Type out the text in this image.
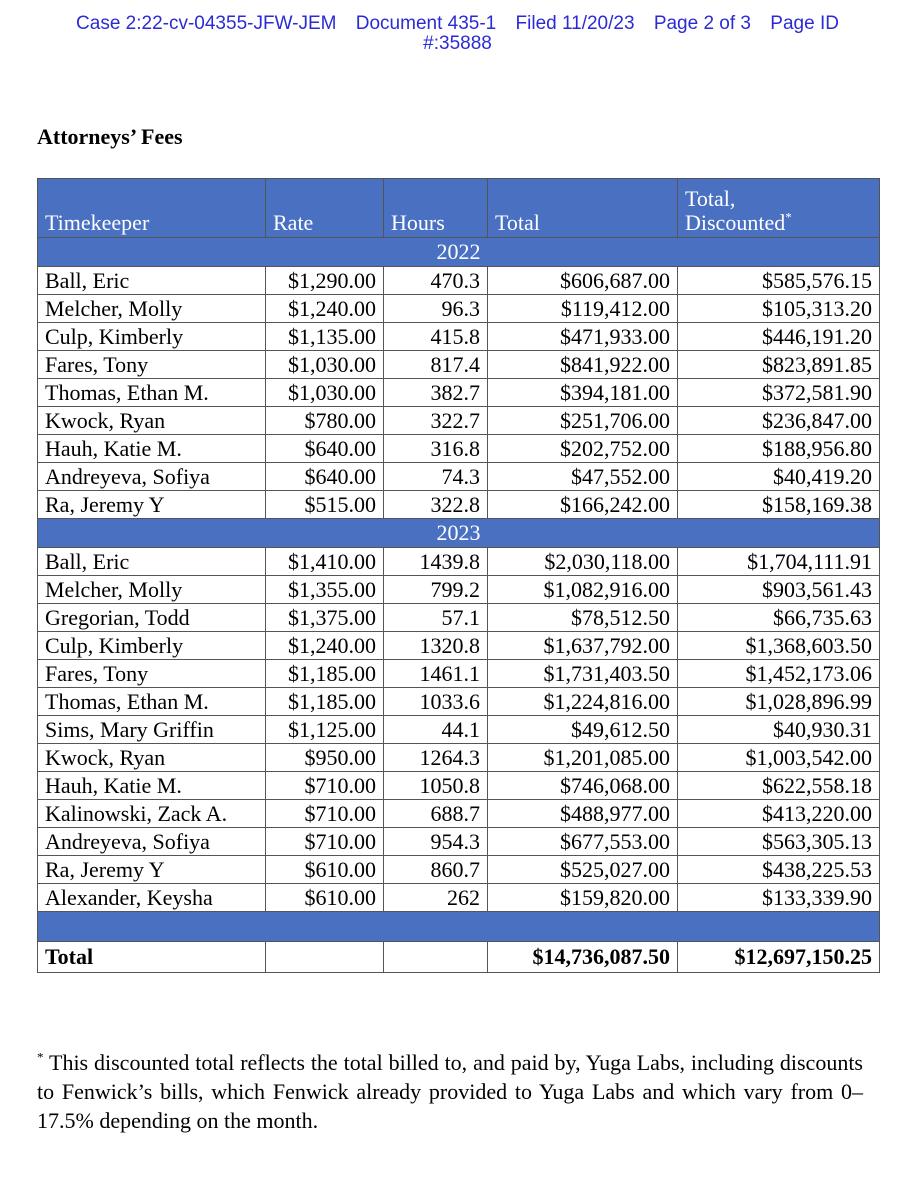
Case 2:22-cv-04355-JFW-JEM Document 435-1 Filed 11/20/23 Page 2 of 3 Page ID
#:35888
Attorneys’ Fees
Timekeeper	Rate	Hours	Total	Total,
Discounted*
2022				
Ball, Eric	$1,290.00	470.3	$606,687.00	$585,576.15
Melcher, Molly	$1,240.00	96.3	$119,412.00	$105,313.20
Culp, Kimberly	$1,135.00	415.8	$471,933.00	$446,191.20
Fares, Tony	$1,030.00	817.4	$841,922.00	$823,891.85
Thomas, Ethan M.	$1,030.00	382.7	$394,181.00	$372,581.90
Kwock, Ryan	$780.00	322.7	$251,706.00	$236,847.00
Hauh, Katie M.	$640.00	316.8	$202,752.00	$188,956.80
Andreyeva, Sofiya	$640.00	74.3	$47,552.00	$40,419.20
Ra, Jeremy Y	$515.00	322.8	$166,242.00	$158,169.38
2023				
Ball, Eric	$1,410.00	1439.8	$2,030,118.00	$1,704,111.91
Melcher, Molly	$1,355.00	799.2	$1,082,916.00	$903,561.43
Gregorian, Todd	$1,375.00	57.1	$78,512.50	$66,735.63
Culp, Kimberly	$1,240.00	1320.8	$1,637,792.00	$1,368,603.50
Fares, Tony	$1,185.00	1461.1	$1,731,403.50	$1,452,173.06
Thomas, Ethan M.	$1,185.00	1033.6	$1,224,816.00	$1,028,896.99
Sims, Mary Griffin	$1,125.00	44.1	$49,612.50	$40,930.31
Kwock, Ryan	$950.00	1264.3	$1,201,085.00	$1,003,542.00
Hauh, Katie M.	$710.00	1050.8	$746,068.00	$622,558.18
Kalinowski, Zack A.	$710.00	688.7	$488,977.00	$413,220.00
Andreyeva, Sofiya	$710.00	954.3	$677,553.00	$563,305.13
Ra, Jeremy Y	$610.00	860.7	$525,027.00	$438,225.53
Alexander, Keysha	$610.00	262	$159,820.00	$133,339.90

Total			$14,736,087.50	$12,697,150.25
* This discounted total reflects the total billed to, and paid by, Yuga Labs, including discounts to Fenwick’s bills, which Fenwick already provided to Yuga Labs and which vary from 0–17.5% depending on the month.
